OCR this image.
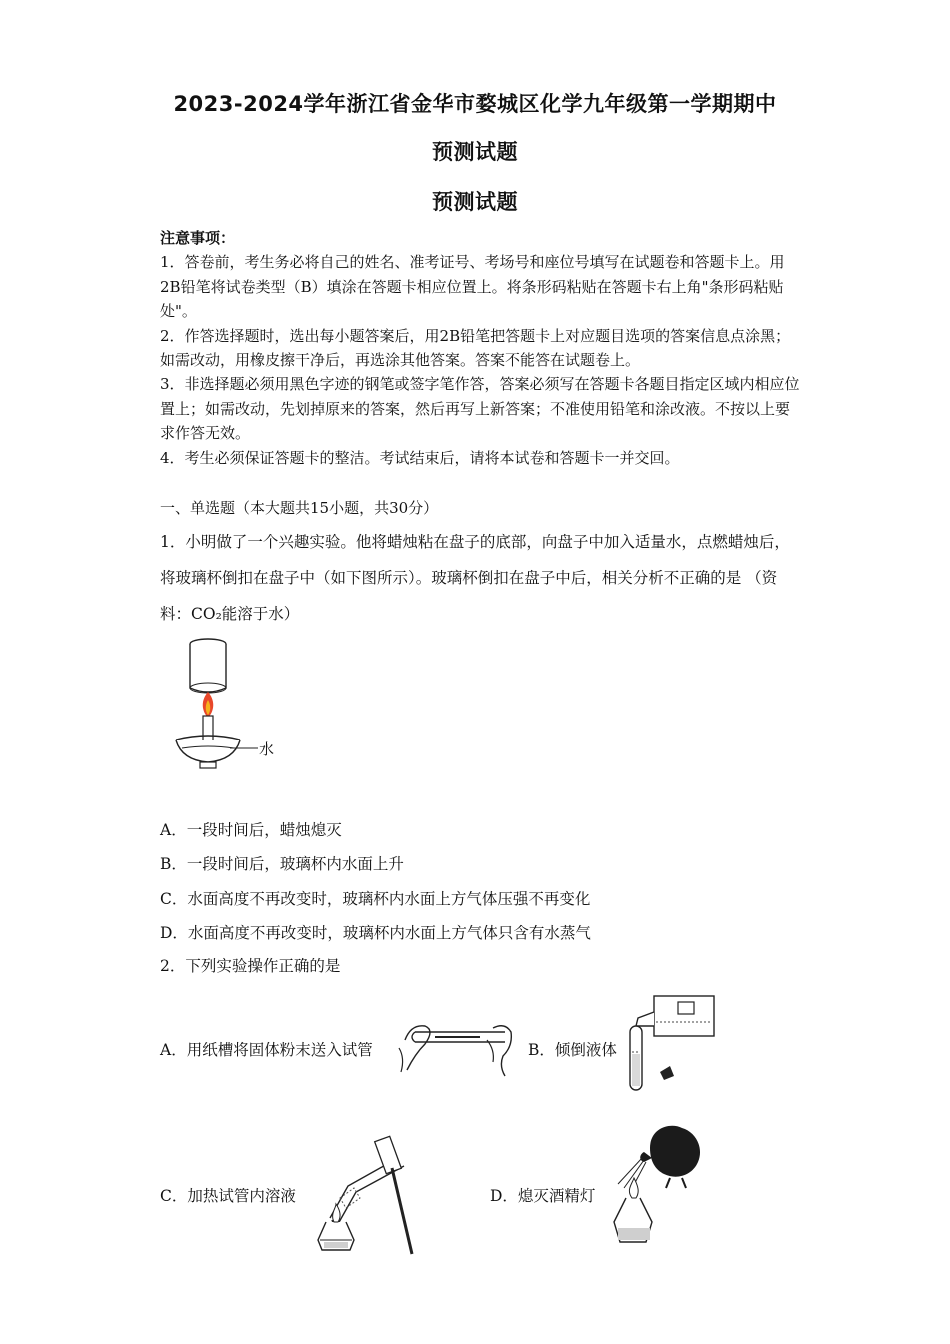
2023-2024学年浙江省金华市婺城区化学九年级第一学期期中
预测试题
预测试题

注意事项：

1．答卷前，考生务必将自己的姓名、准考证号、考场号和座位号填写在试题卷和答题卡上。用2B铅笔将试卷类型（B）填涂在答题卡相应位置上。将条形码粘贴在答题卡右上角"条形码粘贴处"。

2．作答选择题时，选出每小题答案后，用2B铅笔把答题卡上对应题目选项的答案信息点涂黑；如需改动，用橡皮擦干净后，再选涂其他答案。答案不能答在试题卷上。

3．非选择题必须用黑色字迹的钢笔或签字笔作答，答案必须写在答题卡各题目指定区域内相应位置上；如需改动，先划掉原来的答案，然后再写上新答案；不准使用铅笔和涂改液。不按以上要求作答无效。

4．考生必须保证答题卡的整洁。考试结束后，请将本试卷和答题卡一并交回。

一、单选题（本大题共15小题，共30分）

1．小明做了一个兴趣实验。他将蜡烛粘在盘子的底部，向盘子中加入适量水，点燃蜡烛后，将玻璃杯倒扣在盘子中（如下图所示）。玻璃杯倒扣在盘子中后，相关分析不正确的是 （资料：CO₂能溶于水）

水
A．一段时间后，蜡烛熄灭
B．一段时间后，玻璃杯内水面上升
C．水面高度不再改变时，玻璃杯内水面上方气体压强不再变化
D．水面高度不再改变时，玻璃杯内水面上方气体只含有水蒸气
2．下列实验操作正确的是
A．用纸槽将固体粉末送入试管	B．倾倒液体
C．加热试管内溶液	D．熄灭酒精灯
